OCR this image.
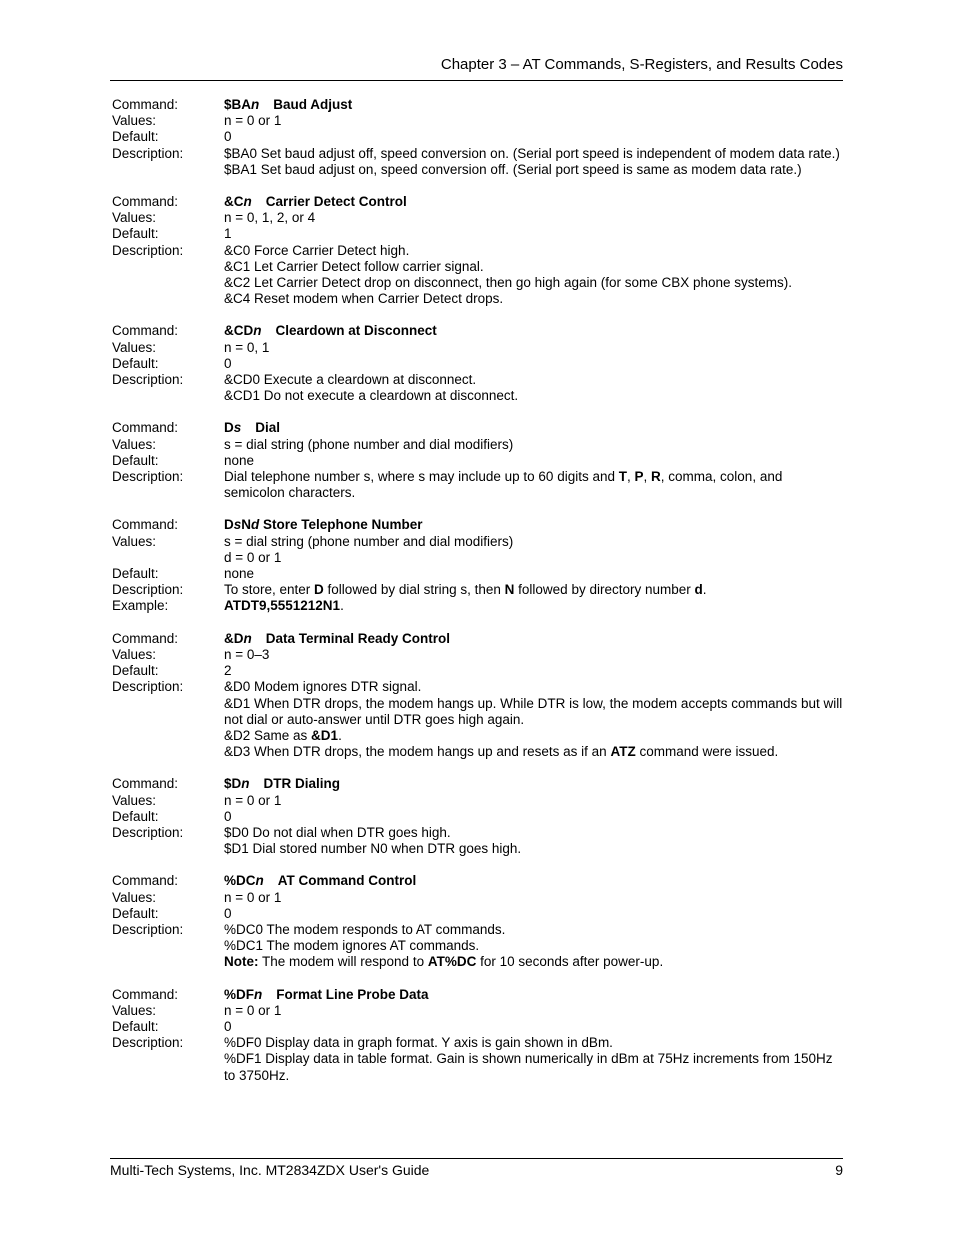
Chapter 3 – AT Commands, S-Registers, and Results Codes
Command:	$BAn Baud Adjust
Values:	n = 0 or 1
Default:	0
Description:	$BA0 Set baud adjust off, speed conversion on. (Serial port speed is independent of modem data rate.)
$BA1 Set baud adjust on, speed conversion off. (Serial port speed is same as modem data rate.)
Command:	&Cn Carrier Detect Control
Values:	n = 0, 1, 2, or 4
Default:	1
Description:	&C0 Force Carrier Detect high.
&C1 Let Carrier Detect follow carrier signal.
&C2 Let Carrier Detect drop on disconnect, then go high again (for some CBX phone systems).
&C4 Reset modem when Carrier Detect drops.
Command:	&CDn Cleardown at Disconnect
Values:	n = 0, 1
Default:	0
Description:	&CD0 Execute a cleardown at disconnect.
&CD1 Do not execute a cleardown at disconnect.
Command:	Ds Dial
Values:	s = dial string (phone number and dial modifiers)
Default:	none
Description:	Dial telephone number s, where s may include up to 60 digits and T, P, R, comma, colon, and semicolon characters.
Command:	DsNd Store Telephone Number
Values:	s = dial string (phone number and dial modifiers)
d = 0 or 1
Default:	none
Description:	To store, enter D followed by dial string s, then N followed by directory number d.
Example:	ATDT9,5551212N1.
Command:	&Dn Data Terminal Ready Control
Values:	n = 0–3
Default:	2
Description:	&D0 Modem ignores DTR signal.
&D1 When DTR drops, the modem hangs up. While DTR is low, the modem accepts commands but will not dial or auto-answer until DTR goes high again.
&D2 Same as &D1.
&D3 When DTR drops, the modem hangs up and resets as if an ATZ command were issued.
Command:	$Dn DTR Dialing
Values:	n = 0 or 1
Default:	0
Description:	$D0 Do not dial when DTR goes high.
$D1 Dial stored number N0 when DTR goes high.
Command:	%DCn AT Command Control
Values:	n = 0 or 1
Default:	0
Description:	%DC0 The modem responds to AT commands.
%DC1 The modem ignores AT commands.
Note: The modem will respond to AT%DC for 10 seconds after power-up.
Command:	%DFn Format Line Probe Data
Values:	n = 0 or 1
Default:	0
Description:	%DF0 Display data in graph format. Y axis is gain shown in dBm.
%DF1 Display data in table format. Gain is shown numerically in dBm at 75Hz increments from 150Hz to 3750Hz.
Multi-Tech Systems, Inc. MT2834ZDX User's Guide	9
